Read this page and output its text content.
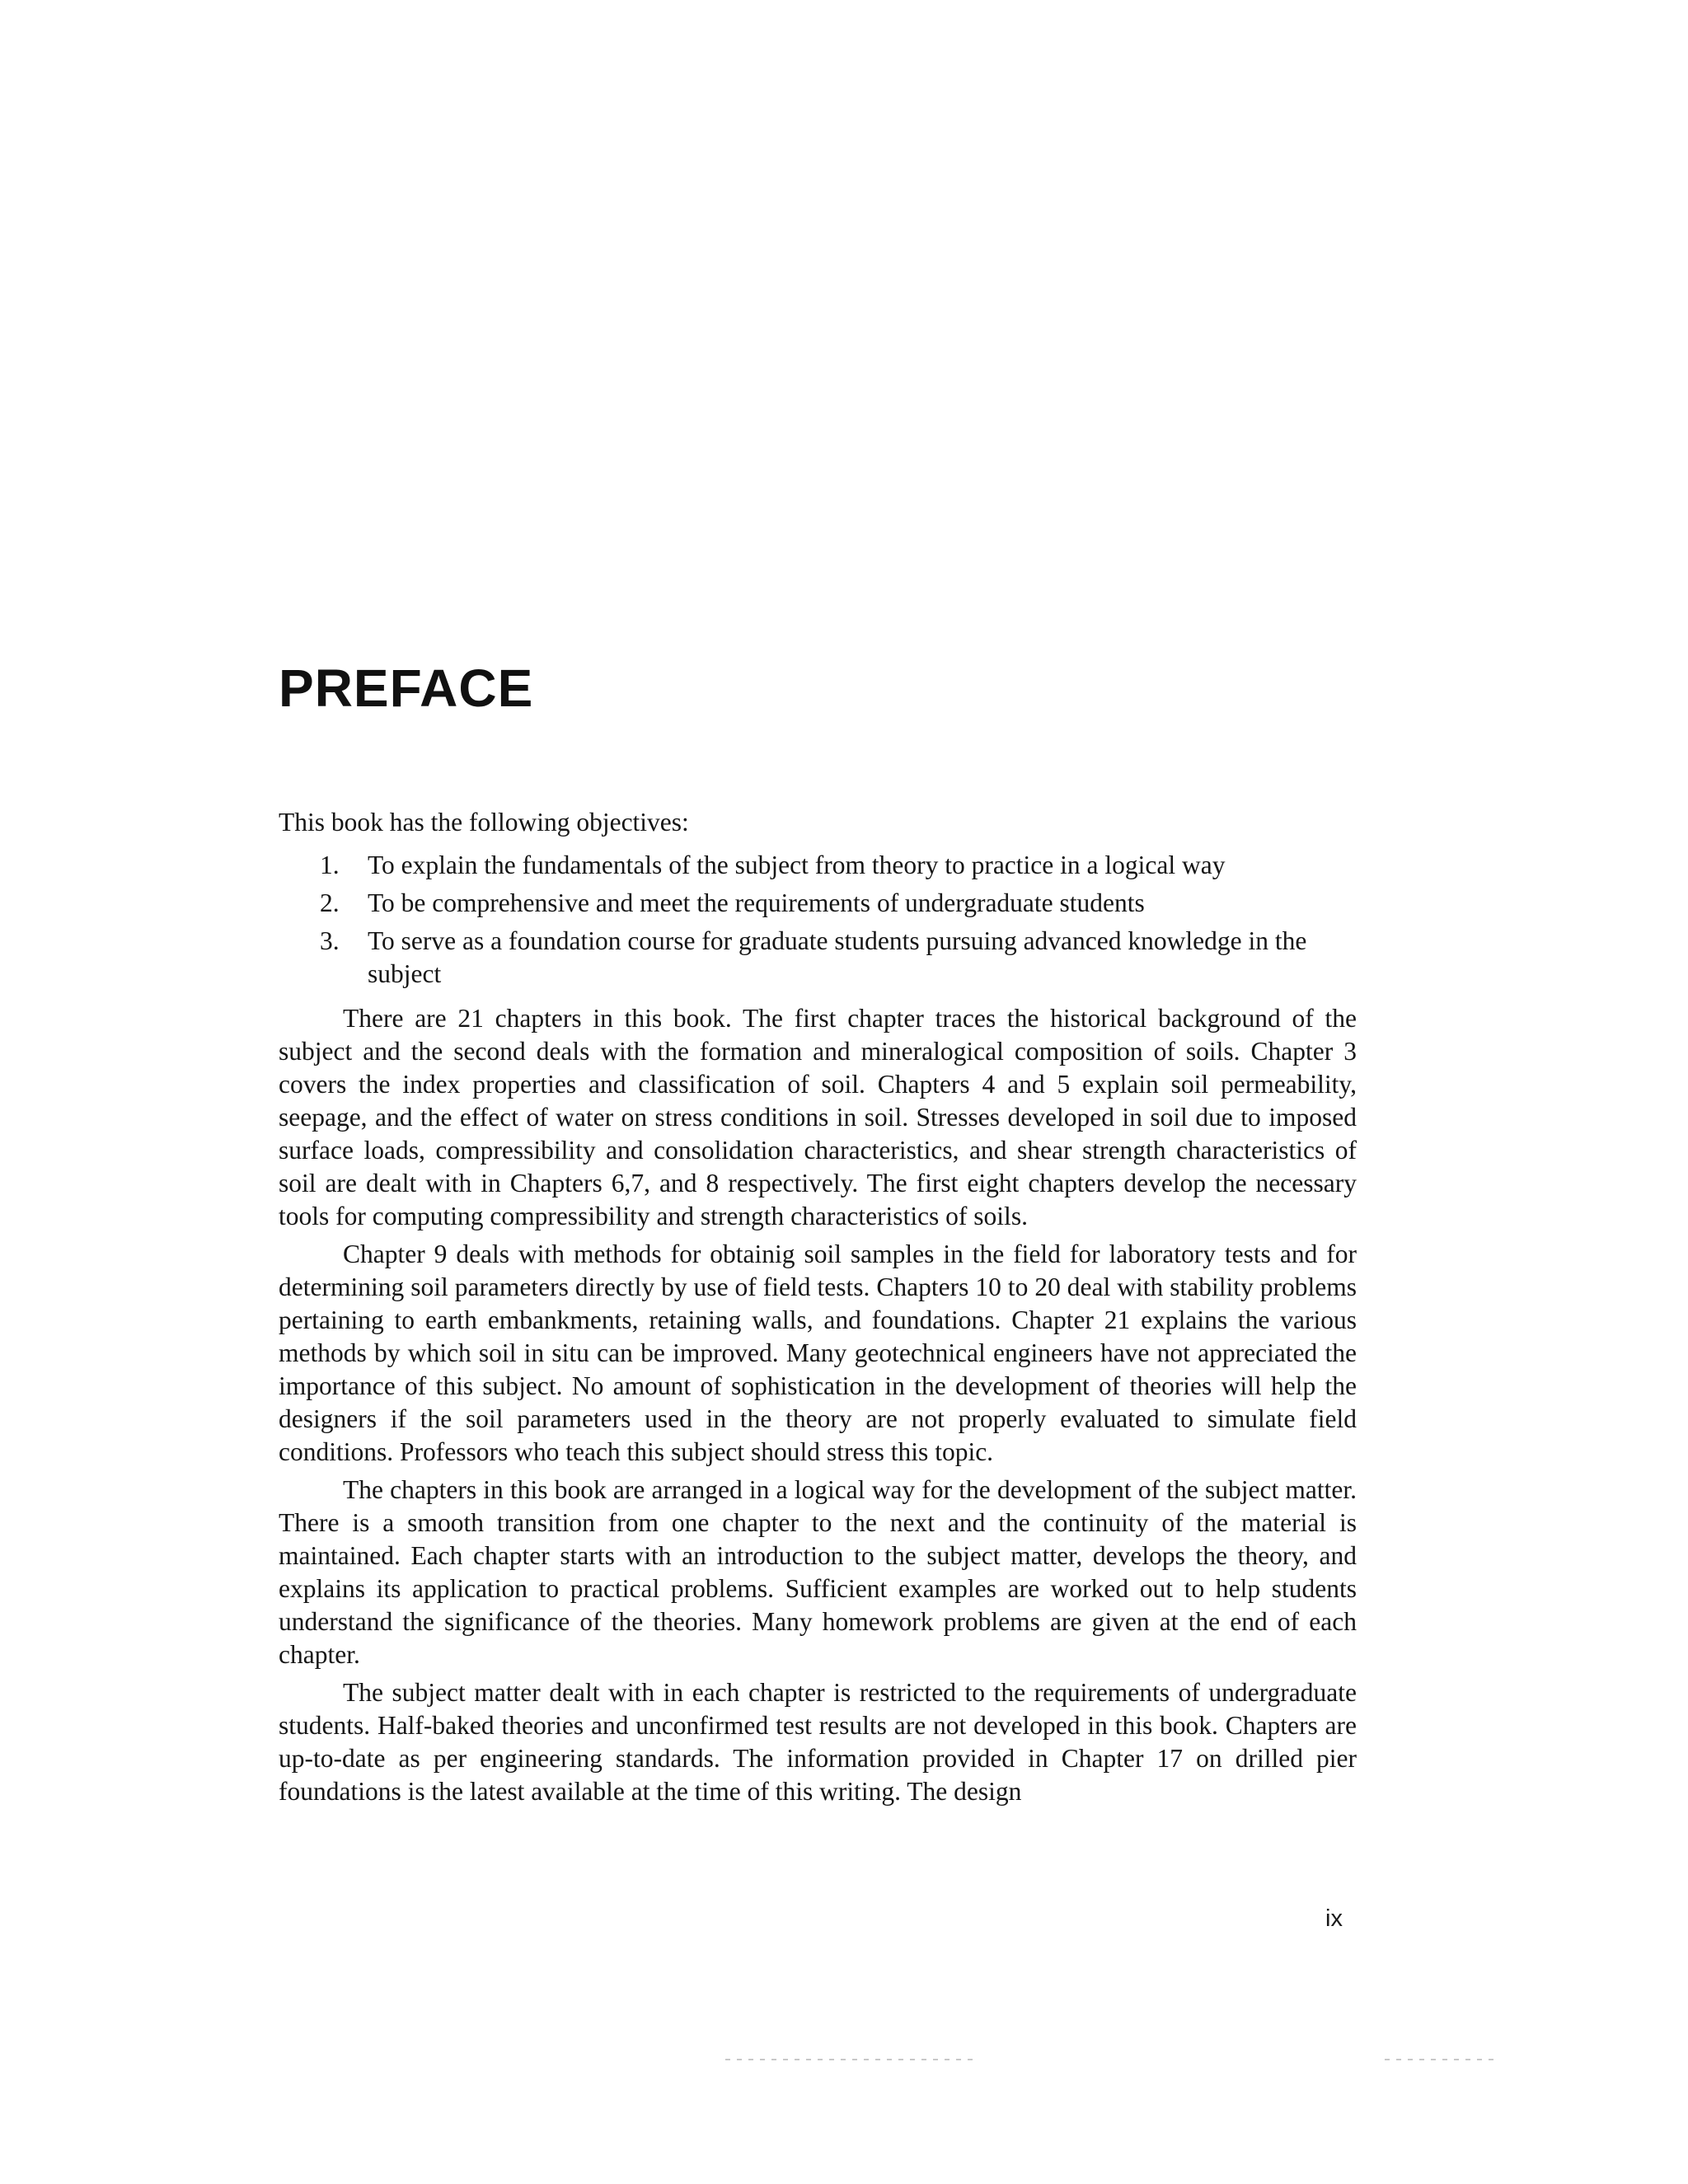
PREFACE

This book has the following objectives:

1.	To explain the fundamentals of the subject from theory to practice in a logical way
2.	To be comprehensive and meet the requirements of undergraduate students
3.	To serve as a foundation course for graduate students pursuing advanced knowledge in the subject

There are 21 chapters in this book. The first chapter traces the historical background of the subject and the second deals with the formation and mineralogical composition of soils. Chapter 3 covers the index properties and classification of soil. Chapters 4 and 5 explain soil permeability, seepage, and the effect of water on stress conditions in soil. Stresses developed in soil due to imposed surface loads, compressibility and consolidation characteristics, and shear strength characteristics of soil are dealt with in Chapters 6,7, and 8 respectively. The first eight chapters develop the necessary tools for computing compressibility and strength characteristics of soils.

Chapter 9 deals with methods for obtainig soil samples in the field for laboratory tests and for determining soil parameters directly by use of field tests. Chapters 10 to 20 deal with stability problems pertaining to earth embankments, retaining walls, and foundations. Chapter 21 explains the various methods by which soil in situ can be improved. Many geotechnical engineers have not appreciated the importance of this subject. No amount of sophistication in the development of theories will help the designers if the soil parameters used in the theory are not properly evaluated to simulate field conditions. Professors who teach this subject should stress this topic.

The chapters in this book are arranged in a logical way for the development of the subject matter. There is a smooth transition from one chapter to the next and the continuity of the material is maintained. Each chapter starts with an introduction to the subject matter, develops the theory, and explains its application to practical problems. Sufficient examples are worked out to help students understand the significance of the theories. Many homework problems are given at the end of each chapter.

The subject matter dealt with in each chapter is restricted to the requirements of undergraduate students. Half-baked theories and unconfirmed test results are not developed in this book. Chapters are up-to-date as per engineering standards. The information provided in Chapter 17 on drilled pier foundations is the latest available at the time of this writing. The design

ix
